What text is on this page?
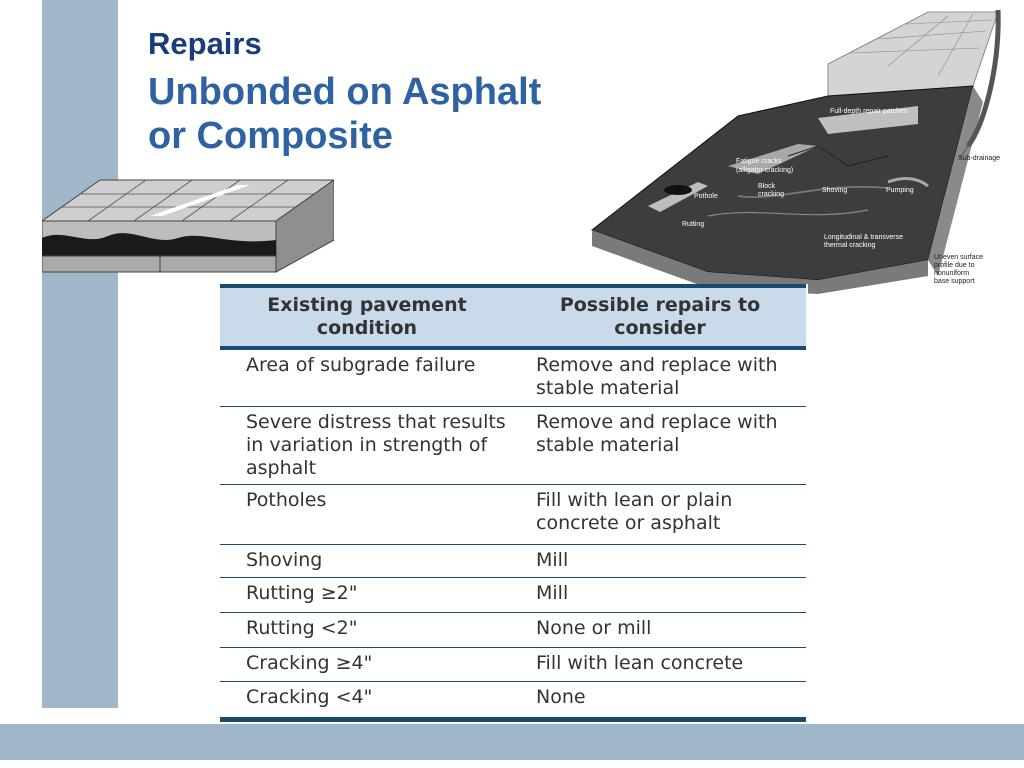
Repairs
Unbonded on Asphalt
or Composite
Full-depth repair patches
Sub-drainage
Fatigue cracks
(alligator cracking)
Block
cracking
Pothole
Shoving	Pumping
Rutting
Longitudinal & transverse
thermal cracking
Uneven surface
profile due to
nonuniform
base support
Existing pavement condition	Possible repairs to consider
Area of subgrade failure	Remove and replace with stable material
Severe distress that results in variation in strength of asphalt	Remove and replace with stable material
Potholes	Fill with lean or plain concrete or asphalt
Shoving	Mill
Rutting ≥2"	Mill
Rutting <2"	None or mill
Cracking ≥4"	Fill with lean concrete
Cracking <4"	None
